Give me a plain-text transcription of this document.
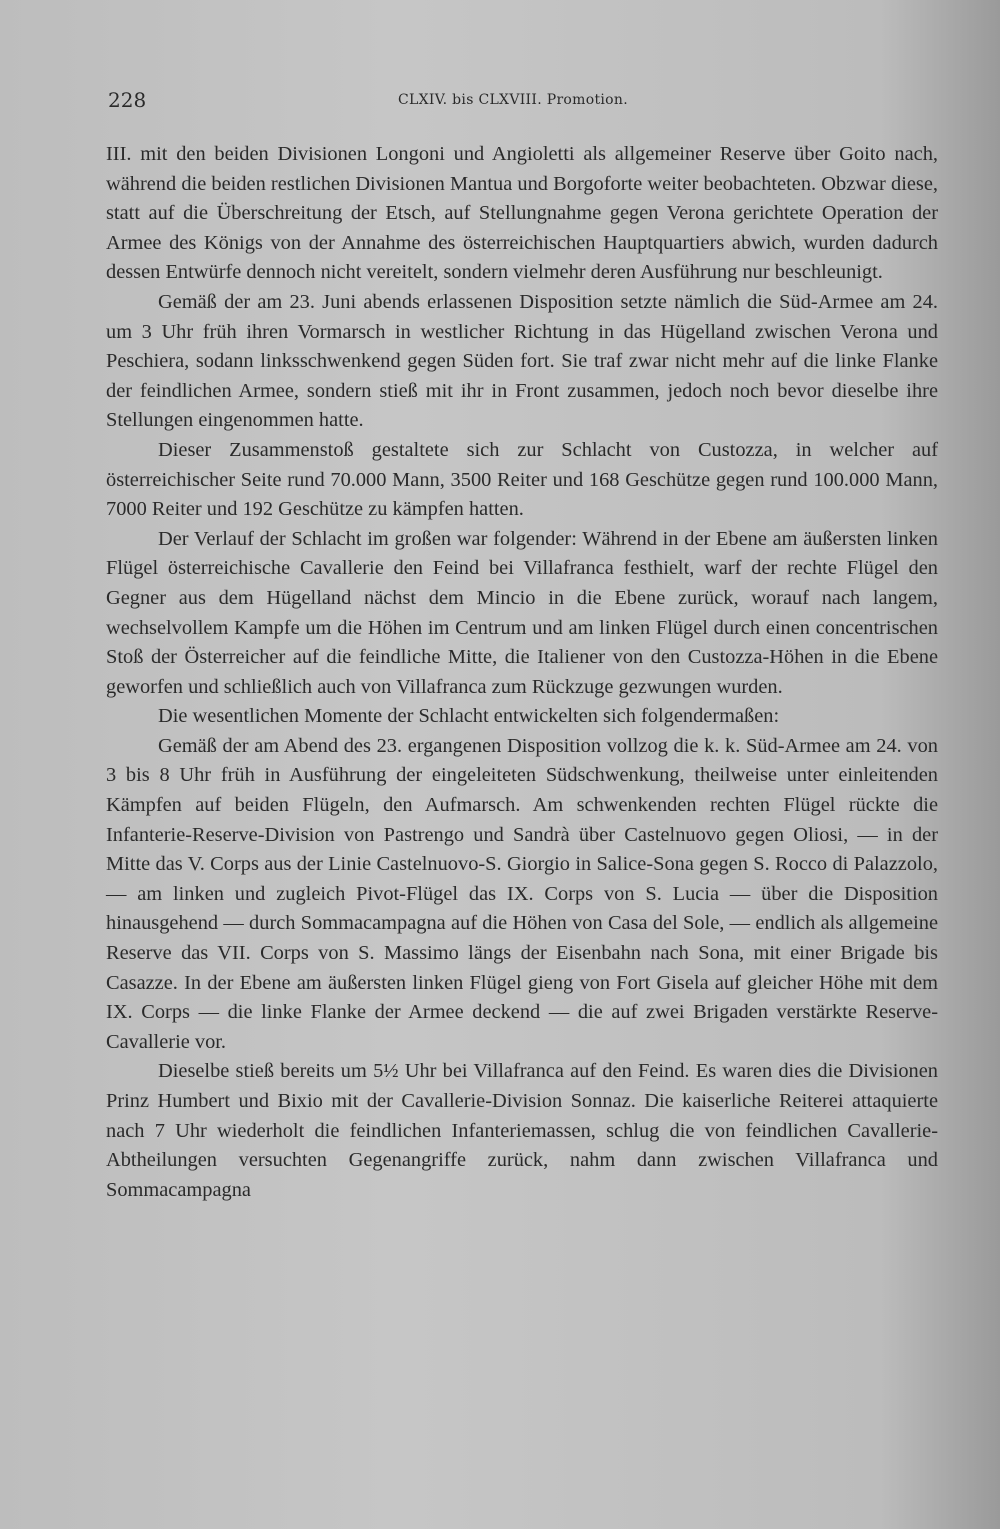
228	CLXIV. bis CLXVIII. Promotion.

III. mit den beiden Divisionen Longoni und Angioletti als allgemeiner Reserve über Goito nach, während die beiden restlichen Divisionen Mantua und Borgoforte weiter beobachteten. Obzwar diese, statt auf die Überschreitung der Etsch, auf Stellungnahme gegen Verona gerichtete Operation der Armee des Königs von der Annahme des österreichischen Hauptquartiers abwich, wurden dadurch dessen Entwürfe dennoch nicht vereitelt, sondern vielmehr deren Ausführung nur beschleunigt.

Gemäß der am 23. Juni abends erlassenen Disposition setzte nämlich die Süd-Armee am 24. um 3 Uhr früh ihren Vormarsch in westlicher Richtung in das Hügelland zwischen Verona und Peschiera, sodann linksschwenkend gegen Süden fort. Sie traf zwar nicht mehr auf die linke Flanke der feindlichen Armee, sondern stieß mit ihr in Front zusammen, jedoch noch bevor dieselbe ihre Stellungen eingenommen hatte.

Dieser Zusammenstoß gestaltete sich zur Schlacht von Custozza, in welcher auf österreichischer Seite rund 70.000 Mann, 3500 Reiter und 168 Geschütze gegen rund 100.000 Mann, 7000 Reiter und 192 Geschütze zu kämpfen hatten.

Der Verlauf der Schlacht im großen war folgender: Während in der Ebene am äußersten linken Flügel österreichische Cavallerie den Feind bei Villafranca festhielt, warf der rechte Flügel den Gegner aus dem Hügelland nächst dem Mincio in die Ebene zurück, worauf nach langem, wechselvollem Kampfe um die Höhen im Centrum und am linken Flügel durch einen concentrischen Stoß der Österreicher auf die feindliche Mitte, die Italiener von den Custozza-Höhen in die Ebene geworfen und schließlich auch von Villafranca zum Rückzuge gezwungen wurden.

Die wesentlichen Momente der Schlacht entwickelten sich folgendermaßen:

Gemäß der am Abend des 23. ergangenen Disposition vollzog die k. k. Süd-Armee am 24. von 3 bis 8 Uhr früh in Ausführung der eingeleiteten Südschwenkung, theilweise unter einleitenden Kämpfen auf beiden Flügeln, den Aufmarsch. Am schwenkenden rechten Flügel rückte die Infanterie-Reserve-Division von Pastrengo und Sandrà über Castelnuovo gegen Oliosi, — in der Mitte das V. Corps aus der Linie Castelnuovo-S. Giorgio in Salice-Sona gegen S. Rocco di Palazzolo, — am linken und zugleich Pivot-Flügel das IX. Corps von S. Lucia — über die Disposition hinausgehend — durch Sommacampagna auf die Höhen von Casa del Sole, — endlich als allgemeine Reserve das VII. Corps von S. Massimo längs der Eisenbahn nach Sona, mit einer Brigade bis Casazze. In der Ebene am äußersten linken Flügel gieng von Fort Gisela auf gleicher Höhe mit dem IX. Corps — die linke Flanke der Armee deckend — die auf zwei Brigaden verstärkte Reserve-Cavallerie vor.

Dieselbe stieß bereits um 5½ Uhr bei Villafranca auf den Feind. Es waren dies die Divisionen Prinz Humbert und Bixio mit der Cavallerie-Division Sonnaz. Die kaiserliche Reiterei attaquierte nach 7 Uhr wiederholt die feindlichen Infanteriemassen, schlug die von feindlichen Cavallerie-Abtheilungen versuchten Gegenangriffe zurück, nahm dann zwischen Villafranca und Sommacampagna
